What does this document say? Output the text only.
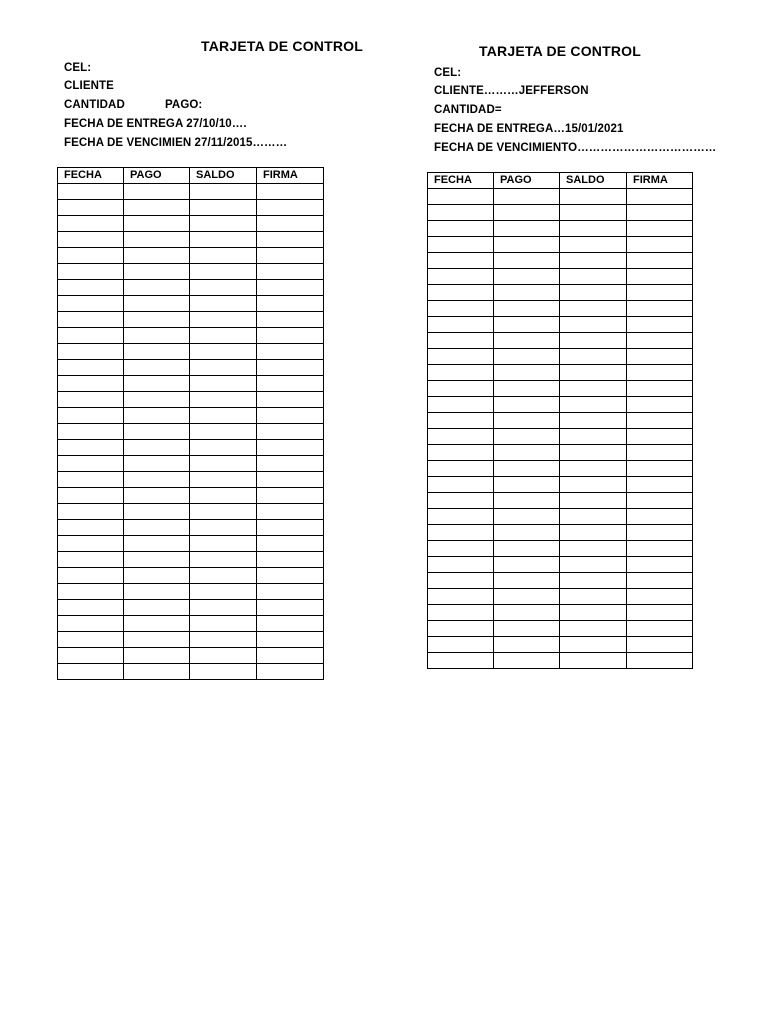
TARJETA DE CONTROL
CEL:
CLIENTE
CANTIDAD	PAGO:
FECHA DE ENTREGA 27/10/10….
FECHA DE VENCIMIEN 27/11/2015………
FECHA	PAGO	SALDO	FIRMA

TARJETA DE CONTROL
CEL:
CLIENTE………JEFFERSON
CANTIDAD=
FECHA DE ENTREGA…15/01/2021
FECHA DE VENCIMIENTO………………………………
FECHA	PAGO	SALDO	FIRMA
